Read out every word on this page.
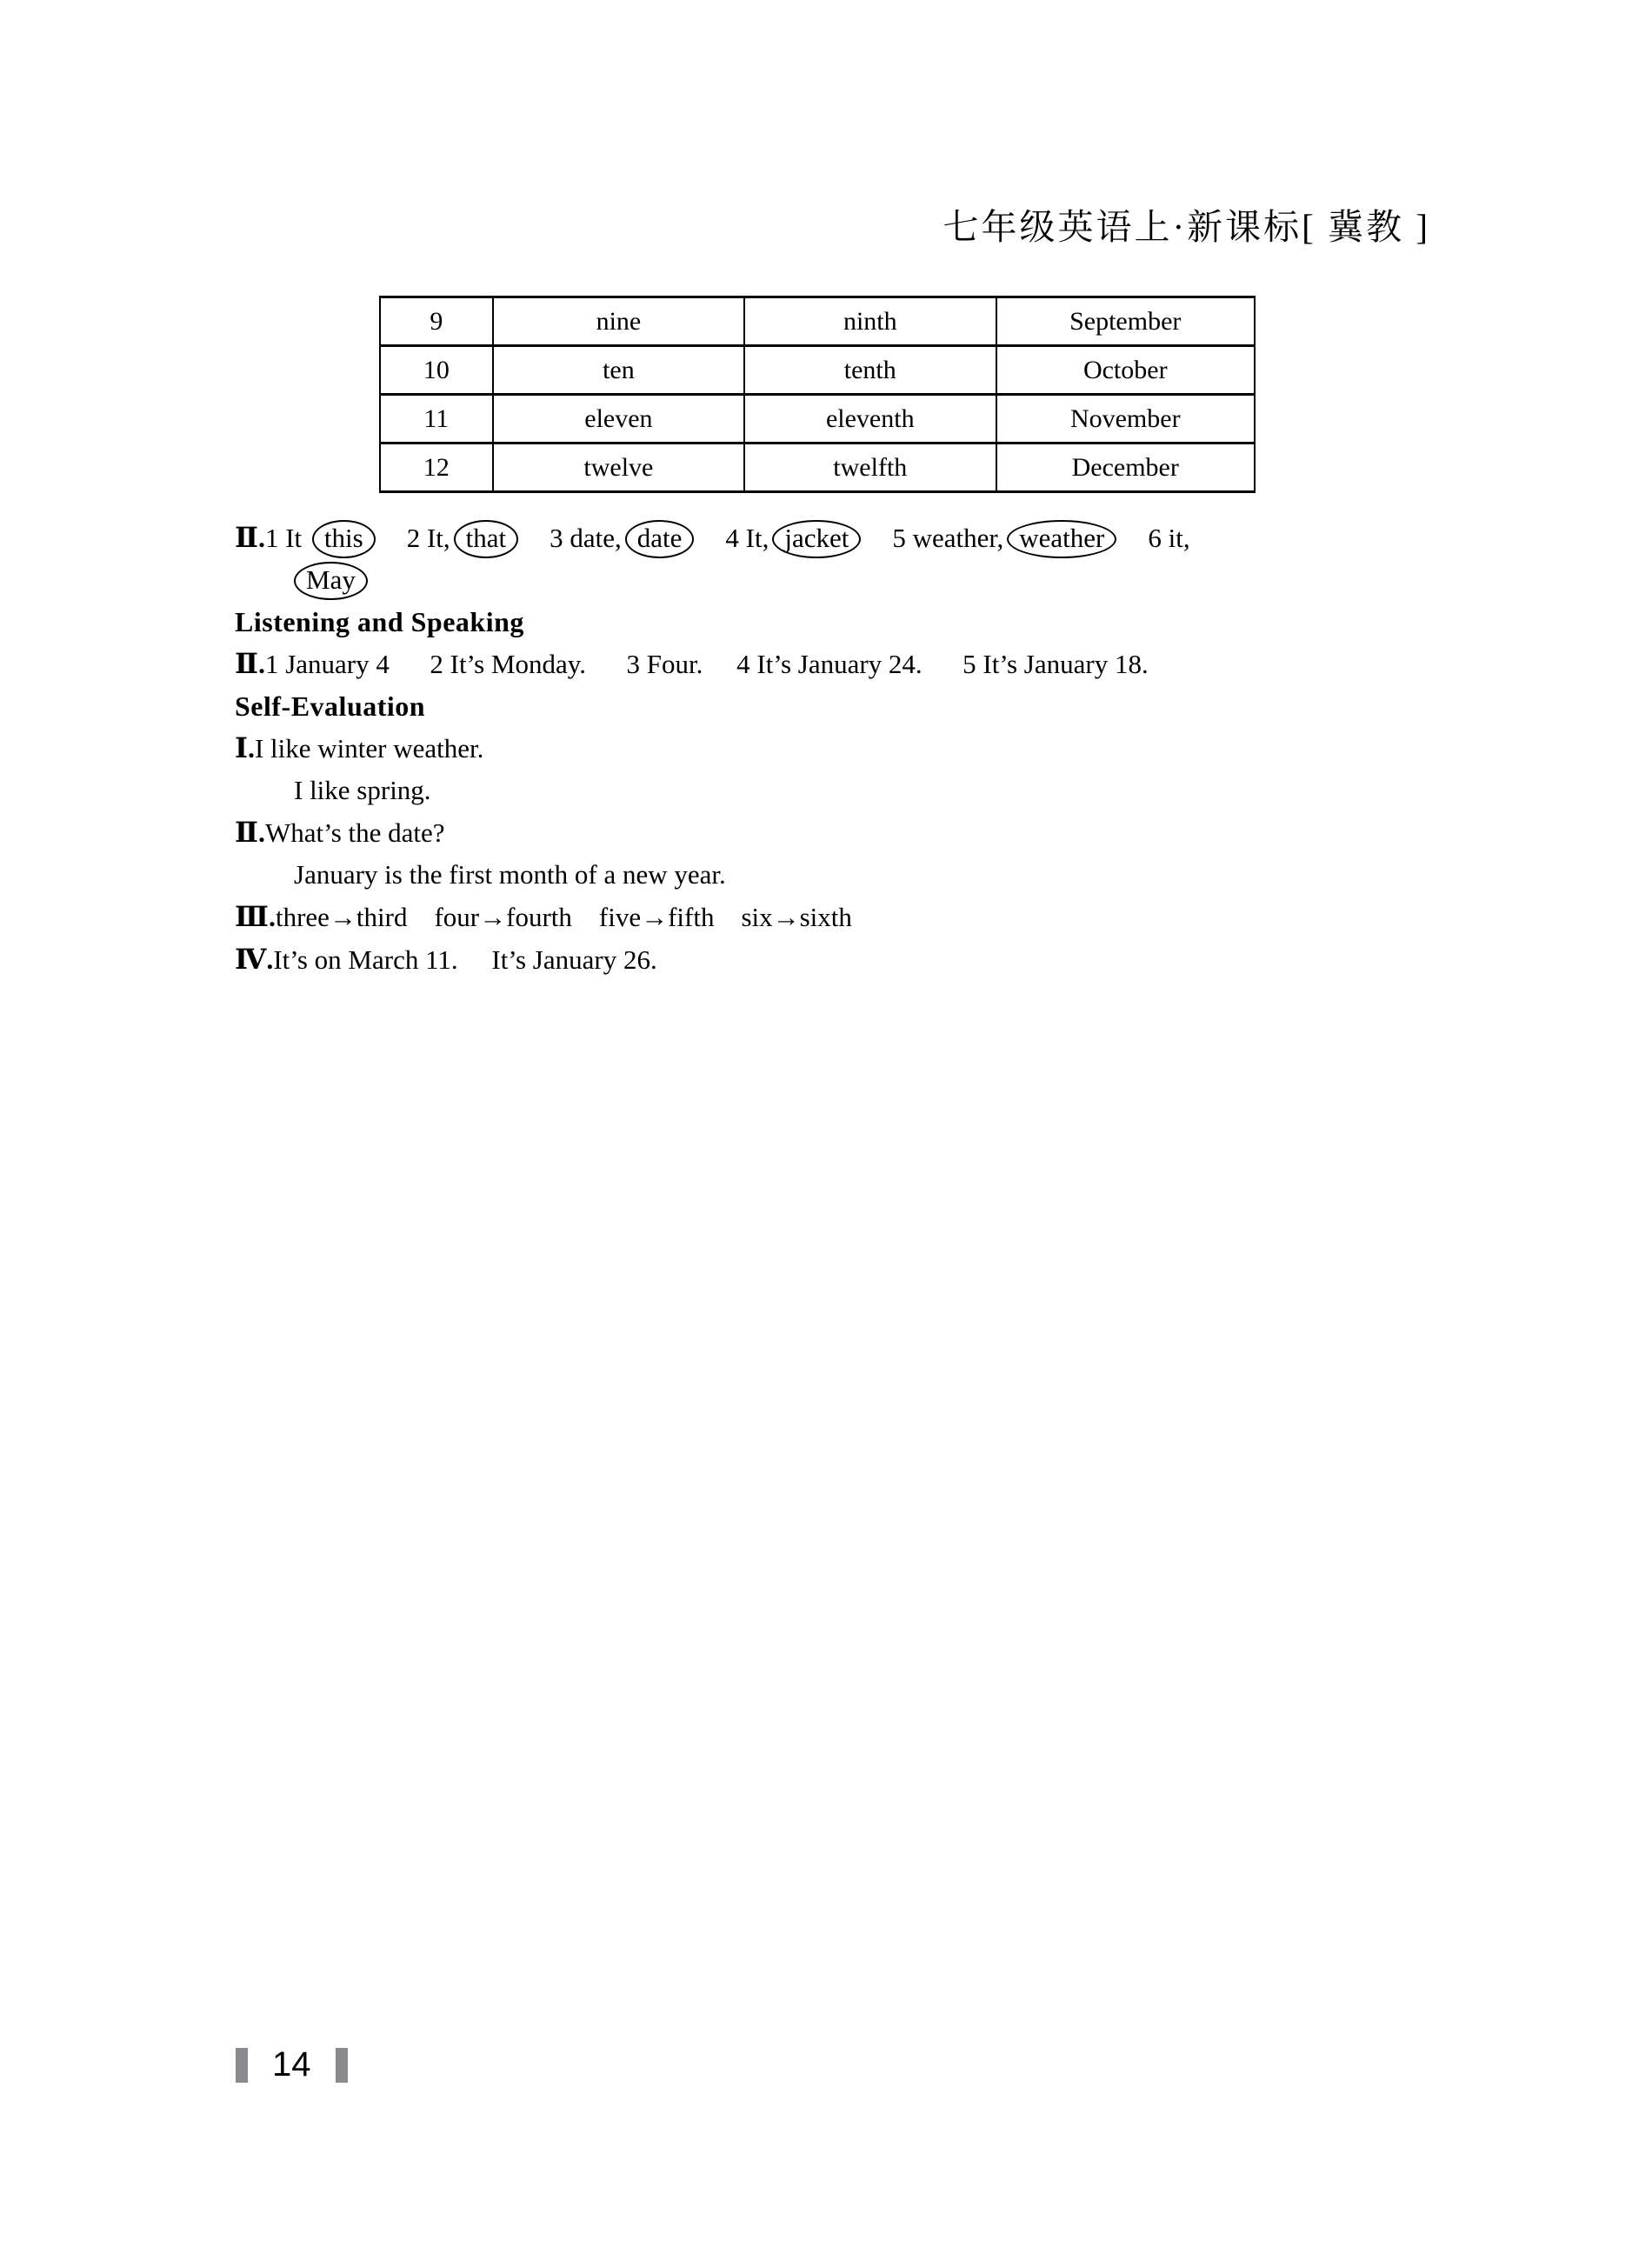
七年级英语上·新课标[ 冀教 ]
9	nine	ninth	September
10	ten	tenth	October
11	eleven	eleventh	November
12	twelve	twelfth	December
Ⅱ.1 It this 2 It, that 3 date, date 4 It, jacket 5 weather, weather 6 it,
May
Listening and Speaking
Ⅱ.1 January 4      2 It’s Monday.      3 Four.     4 It’s January 24.      5 It’s January 18.
Self-Evaluation
Ⅰ.I like winter weather.
I like spring.
Ⅱ.What’s the date?
January is the first month of a new year.
Ⅲ.three→third    four→fourth    five→fifth    six→sixth
Ⅳ.It’s on March 11.     It’s January 26.
14
